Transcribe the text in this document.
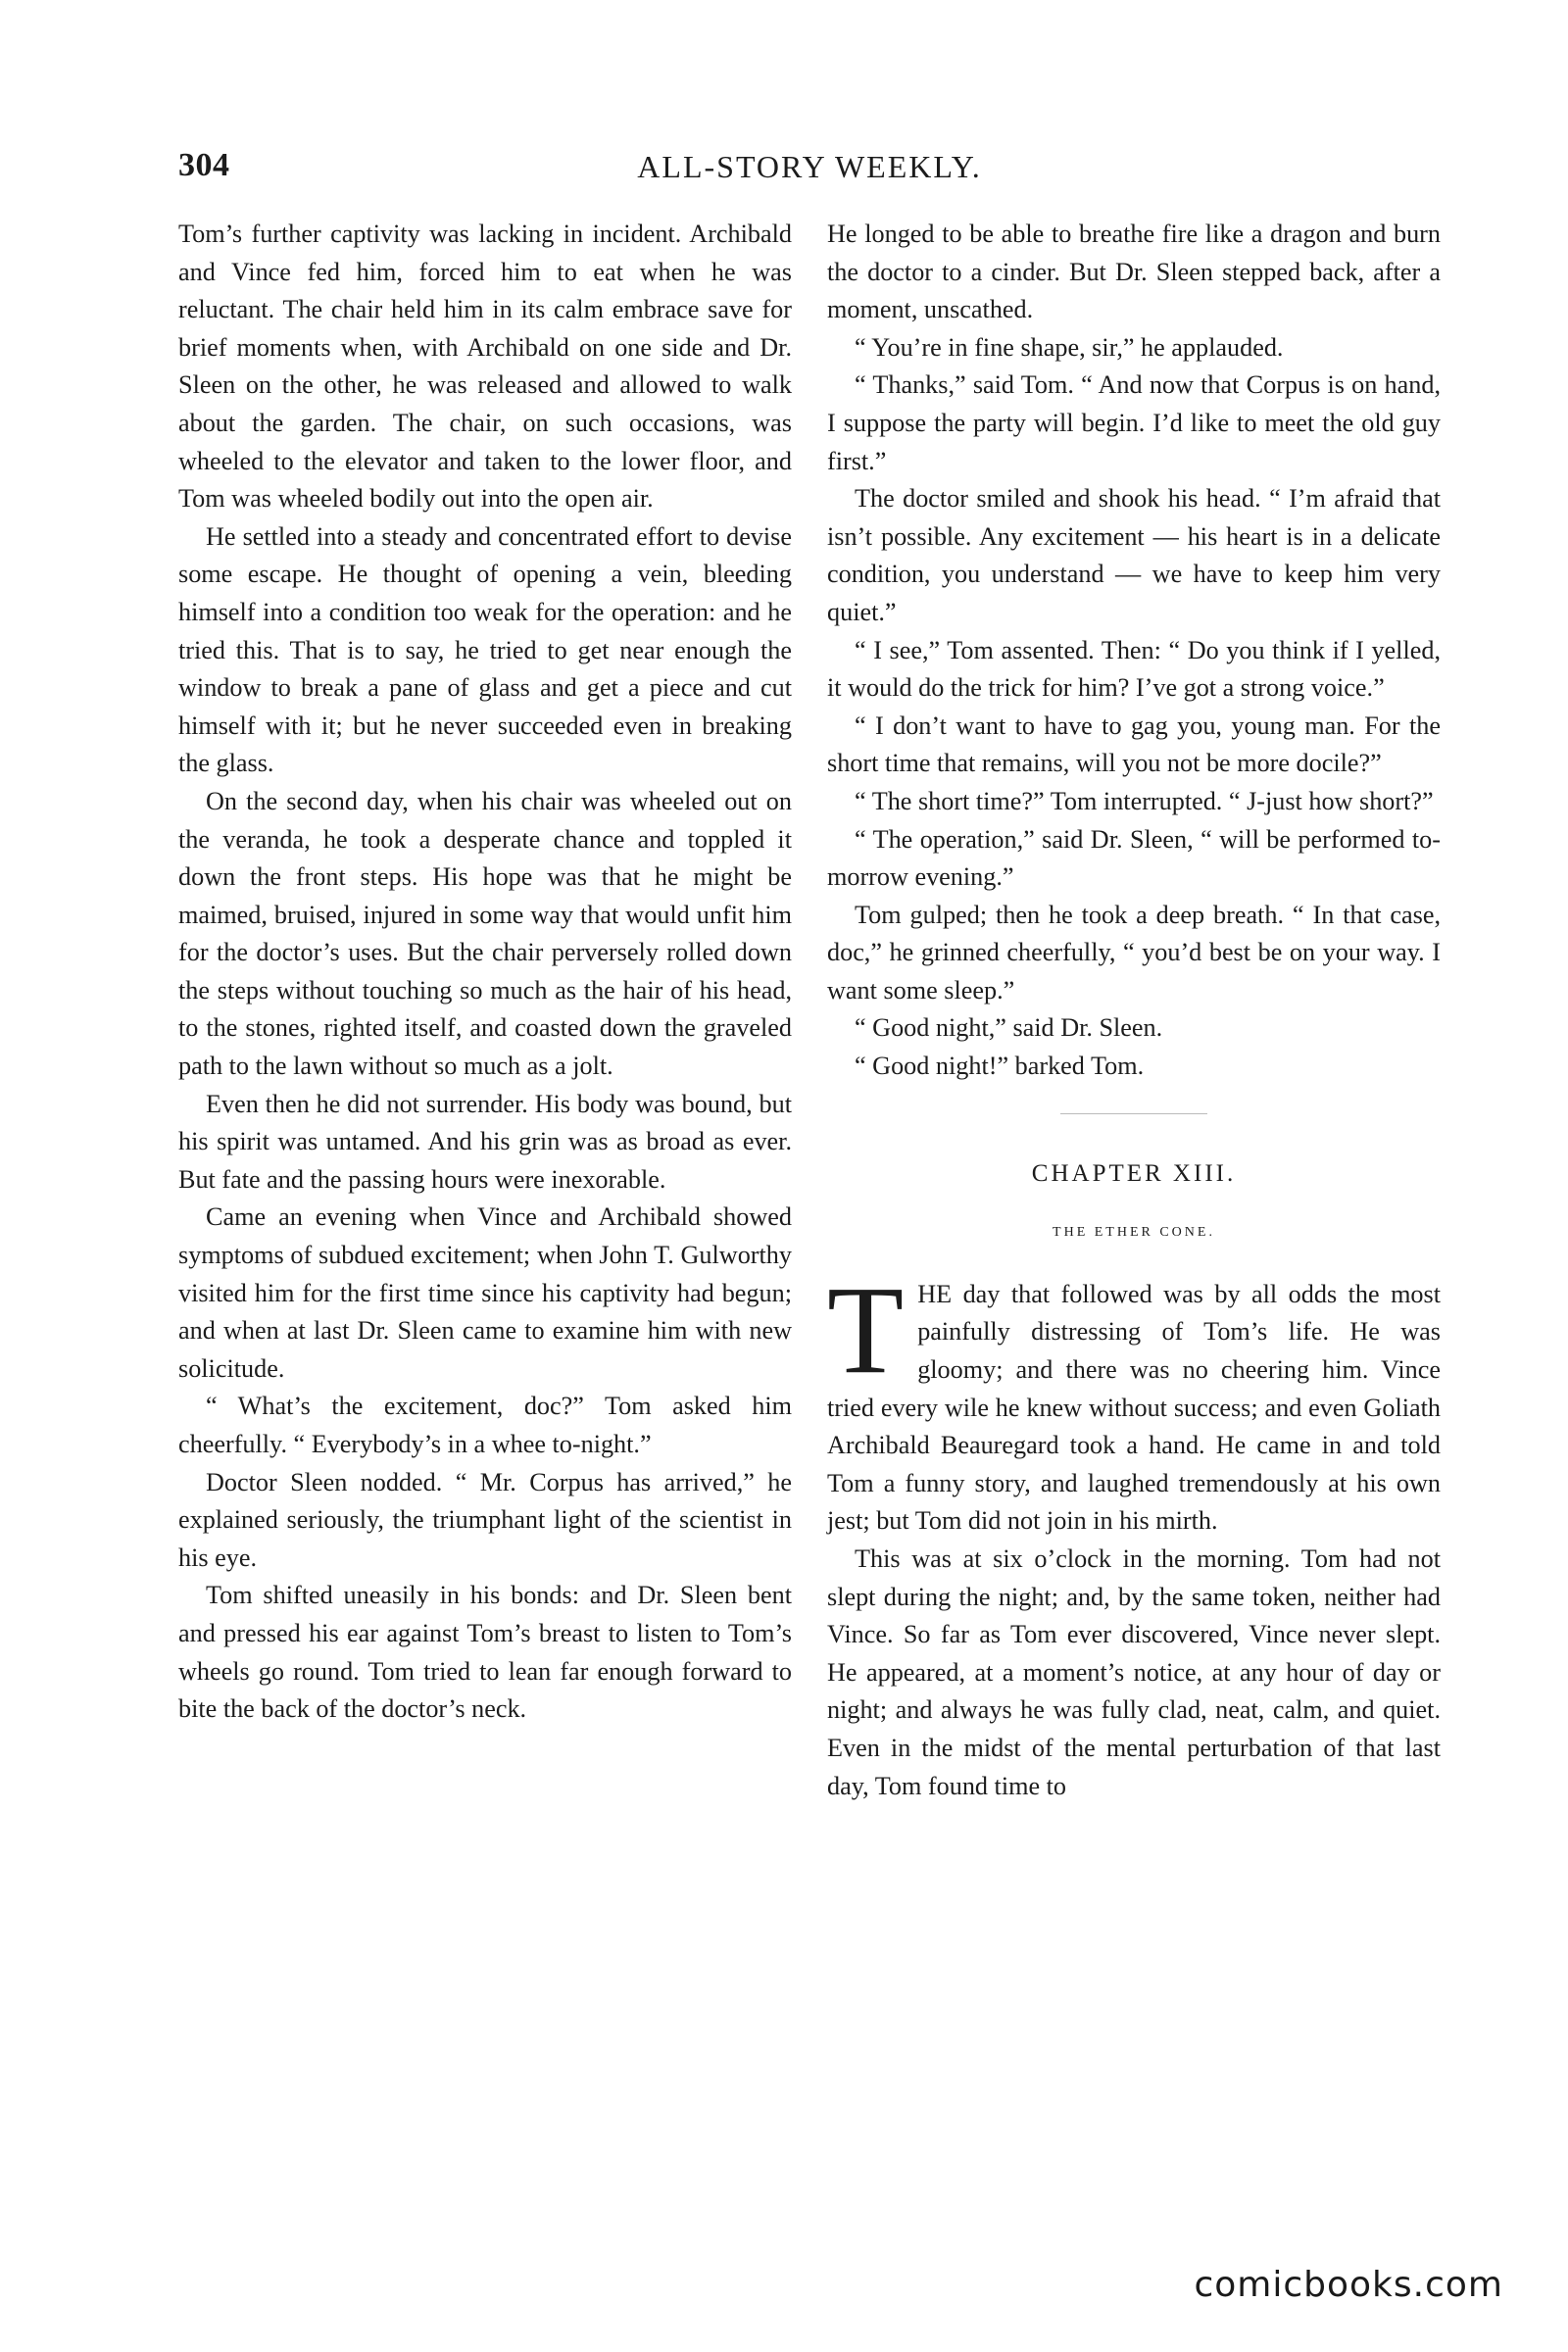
304	ALL-STORY WEEKLY.

Tom’s further captivity was lacking in incident. Archibald and Vince fed him, forced him to eat when he was reluctant. The chair held him in its calm embrace save for brief moments when, with Archibald on one side and Dr. Sleen on the other, he was released and allowed to walk about the garden. The chair, on such occasions, was wheeled to the elevator and taken to the lower floor, and Tom was wheeled bodily out into the open air.

He settled into a steady and concentrated effort to devise some escape. He thought of opening a vein, bleeding himself into a condition too weak for the operation: and he tried this. That is to say, he tried to get near enough the window to break a pane of glass and get a piece and cut himself with it; but he never succeeded even in breaking the glass.

On the second day, when his chair was wheeled out on the veranda, he took a desperate chance and toppled it down the front steps. His hope was that he might be maimed, bruised, injured in some way that would unfit him for the doctor’s uses. But the chair perversely rolled down the steps without touching so much as the hair of his head, to the stones, righted itself, and coasted down the graveled path to the lawn without so much as a jolt.

Even then he did not surrender. His body was bound, but his spirit was untamed. And his grin was as broad as ever. But fate and the passing hours were inexorable.

Came an evening when Vince and Archibald showed symptoms of subdued excitement; when John T. Gulworthy visited him for the first time since his captivity had begun; and when at last Dr. Sleen came to examine him with new solicitude.

“ What’s the excitement, doc?” Tom asked him cheerfully. “ Everybody’s in a whee to-night.”

Doctor Sleen nodded. “ Mr. Corpus has arrived,” he explained seriously, the triumphant light of the scientist in his eye.

Tom shifted uneasily in his bonds: and Dr. Sleen bent and pressed his ear against Tom’s breast to listen to Tom’s wheels go round. Tom tried to lean far enough forward to bite the back of the doctor’s neck.

He longed to be able to breathe fire like a dragon and burn the doctor to a cinder. But Dr. Sleen stepped back, after a moment, unscathed.

“ You’re in fine shape, sir,” he applauded.

“ Thanks,” said Tom. “ And now that Corpus is on hand, I suppose the party will begin. I’d like to meet the old guy first.”

The doctor smiled and shook his head. “ I’m afraid that isn’t possible. Any excitement — his heart is in a delicate condition, you understand — we have to keep him very quiet.”

“ I see,” Tom assented. Then: “ Do you think if I yelled, it would do the trick for him? I’ve got a strong voice.”

“ I don’t want to have to gag you, young man. For the short time that remains, will you not be more docile?”

“ The short time?” Tom interrupted. “ J-just how short?”

“ The operation,” said Dr. Sleen, “ will be performed to-morrow evening.”

Tom gulped; then he took a deep breath. “ In that case, doc,” he grinned cheerfully, “ you’d best be on your way. I want some sleep.”

“ Good night,” said Dr. Sleen.

“ Good night!” barked Tom.

CHAPTER XIII.
THE ETHER CONE.

THE day that followed was by all odds the most painfully distressing of Tom’s life. He was gloomy; and there was no cheering him. Vince tried every wile he knew without success; and even Goliath Archibald Beauregard took a hand. He came in and told Tom a funny story, and laughed tremendously at his own jest; but Tom did not join in his mirth.

This was at six o’clock in the morning. Tom had not slept during the night; and, by the same token, neither had Vince. So far as Tom ever discovered, Vince never slept. He appeared, at a moment’s notice, at any hour of day or night; and always he was fully clad, neat, calm, and quiet. Even in the midst of the mental perturbation of that last day, Tom found time to

comicbooks.com
